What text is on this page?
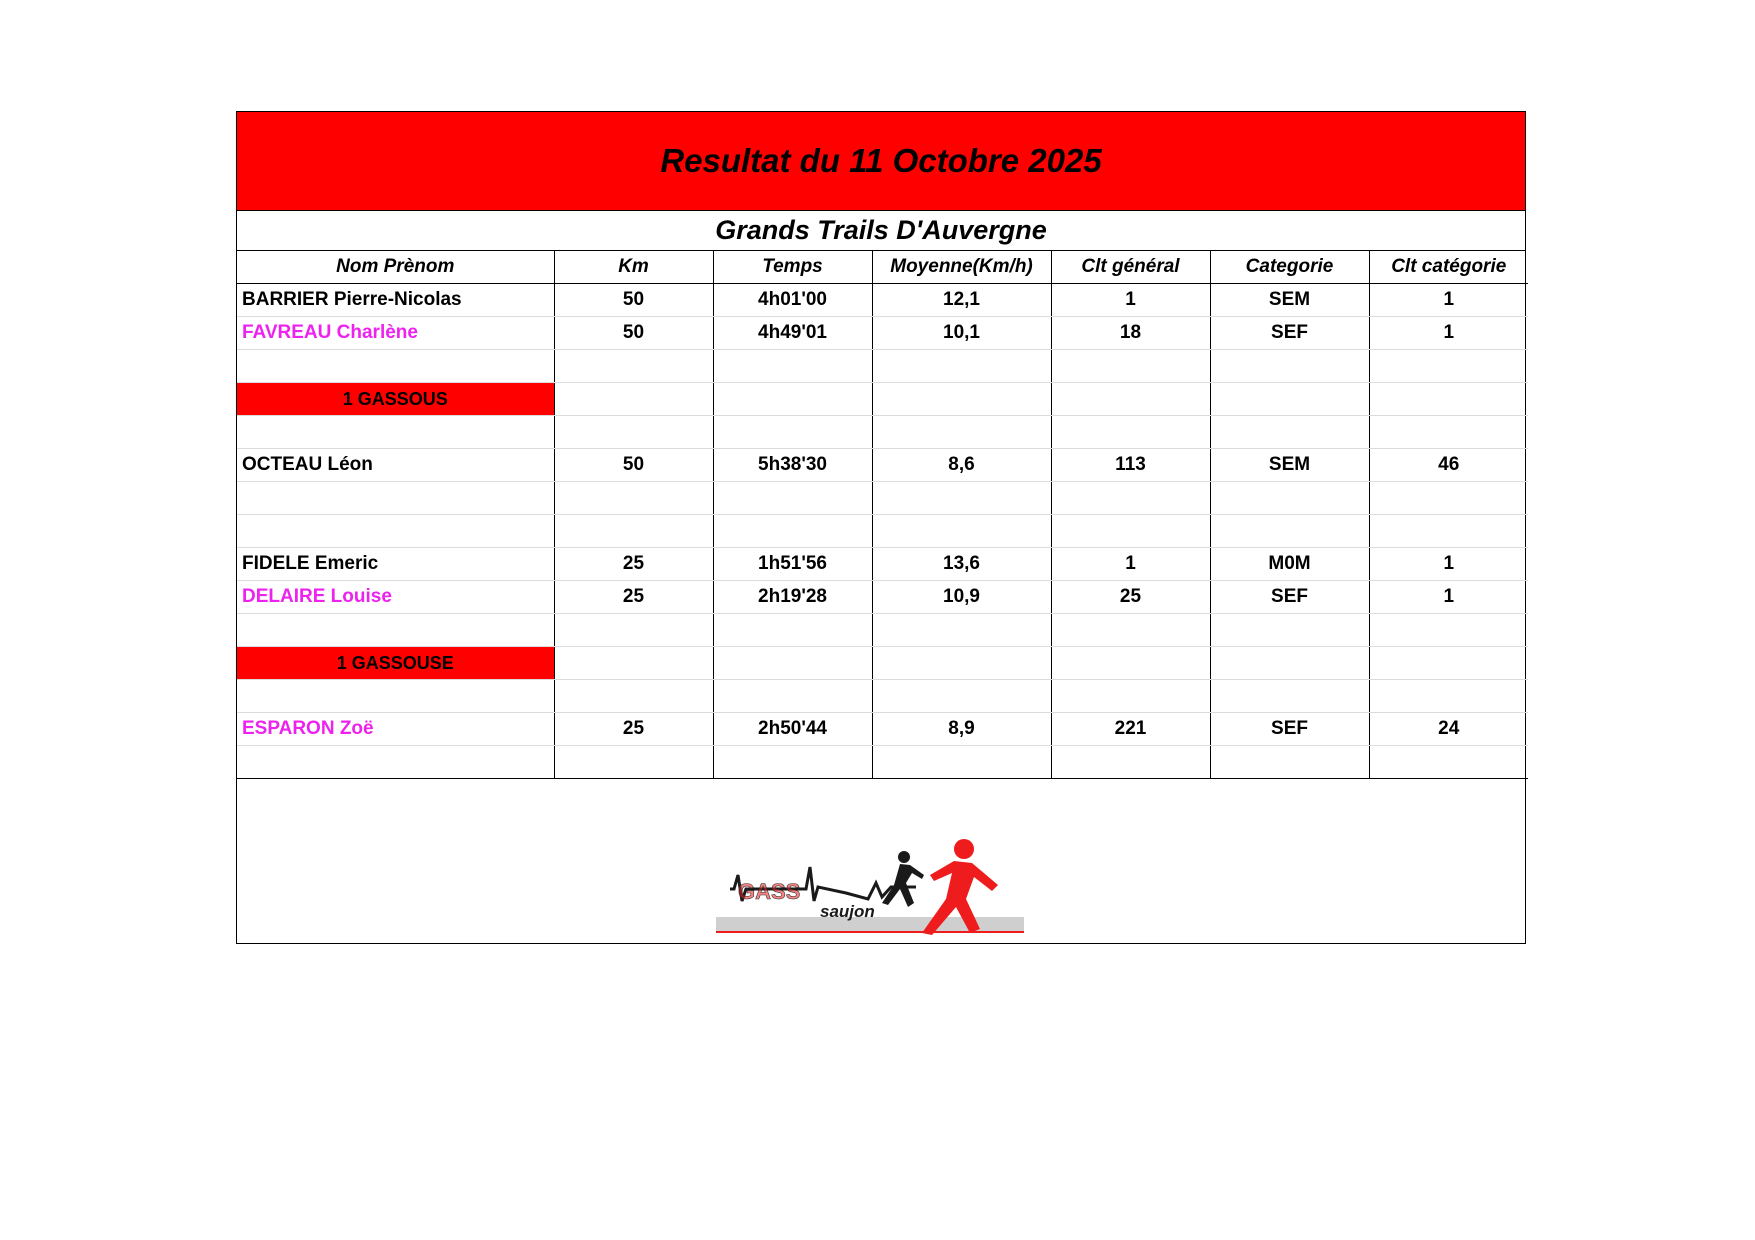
Resultat du 11 Octobre 2025
Grands Trails D'Auvergne
Nom Prènom	Km	Temps	Moyenne(Km/h)	Clt général	Categorie	Clt catégorie
BARRIER Pierre-Nicolas	50	4h01'00	12,1	1	SEM	1
FAVREAU Charlène	50	4h49'01	10,1	18	SEF	1

1 GASSOUS						

OCTEAU Léon	50	5h38'30	8,6	113	SEM	46

FIDELE Emeric	25	1h51'56	13,6	1	M0M	1
DELAIRE Louise	25	2h19'28	10,9	25	SEF	1

1 GASSOUSE						

ESPARON Zoë	25	2h50'44	8,9	221	SEF	24

GASS
saujon
